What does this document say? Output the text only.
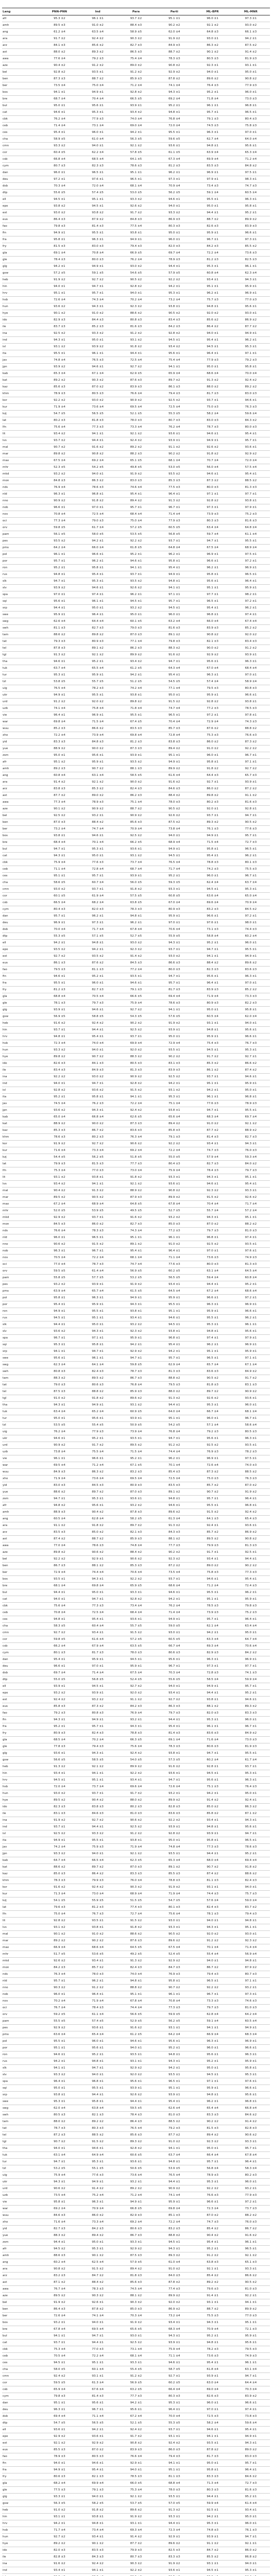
Lang	PNN-PNN	Ind	Para	Parti	ML-BPR	ML-MNR
afr	95.3 ±2	96.1 ±1	93.7 ±2	95.1 ±1	96.0 ±1	97.3 ±1
amh	89.5 ±3	91.0 ±2	88.4 ±3	90.2 ±2	92.1 ±2	93.0 ±2
ang	61.2 ±4	63.5 ±4	58.9 ±5	62.0 ±4	64.8 ±3	66.1 ±3
ara	91.7 ±2	92.4 ±2	90.3 ±2	91.9 ±2	93.0 ±1	94.2 ±1
arz	84.1 ±3	85.6 ±2	82.7 ±3	84.9 ±3	86.3 ±2	87.5 ±2
ast	88.0 ±2	89.3 ±2	86.5 ±3	88.7 ±2	90.1 ±2	91.4 ±2
awa	77.6 ±4	79.2 ±3	75.4 ±4	78.3 ±3	80.5 ±3	81.9 ±3
aze	90.4 ±2	91.2 ±2	89.0 ±2	90.8 ±2	92.3 ±1	93.1 ±1
bel	92.8 ±2	93.5 ±1	91.2 ±2	92.9 ±2	94.0 ±1	95.0 ±1
ben	87.3 ±3	88.7 ±2	85.9 ±3	87.8 ±2	89.6 ±2	90.8 ±2
ber	73.5 ±4	75.0 ±4	71.2 ±4	74.1 ±4	76.4 ±3	77.9 ±3
bos	94.1 ±1	94.9 ±1	92.8 ±2	94.3 ±1	95.2 ±1	96.0 ±1
bre	68.7 ±4	70.4 ±4	66.5 ±5	69.2 ±4	71.8 ±4	73.0 ±3
bul	95.0 ±1	95.6 ±1	93.9 ±1	95.2 ±1	96.1 ±1	96.8 ±1
cat	94.6 ±1	95.3 ±1	93.4 ±2	94.8 ±1	95.7 ±1	96.5 ±1
cbk	76.2 ±4	77.9 ±3	74.0 ±4	76.8 ±4	79.1 ±3	80.4 ±3
ceb	71.4 ±4	73.1 ±4	69.0 ±4	72.0 ±4	74.5 ±3	75.8 ±3
ces	95.4 ±1	96.0 ±1	94.2 ±1	95.5 ±1	96.3 ±1	97.0 ±1
cha	58.9 ±5	61.0 ±4	56.3 ±5	59.6 ±5	62.7 ±4	64.0 ±4
cmn	93.3 ±2	94.0 ±1	92.1 ±2	93.6 ±1	94.8 ±1	95.6 ±1
cor	60.4 ±5	62.2 ±4	57.8 ±5	61.1 ±5	63.9 ±4	65.3 ±4
csb	66.8 ±4	68.5 ±4	64.1 ±5	67.3 ±4	69.9 ±4	71.2 ±4
cym	80.7 ±3	82.3 ±3	78.6 ±3	81.2 ±3	83.5 ±3	84.8 ±2
dan	96.0 ±1	96.5 ±1	95.1 ±1	96.2 ±1	96.9 ±1	97.5 ±1
deu	97.2 ±1	97.6 ±1	96.5 ±1	97.3 ±1	97.9 ±1	98.3 ±1
dsb	70.3 ±4	72.0 ±4	68.1 ±4	70.9 ±4	73.4 ±3	74.7 ±3
dtp	55.6 ±5	57.4 ±5	53.0 ±5	56.2 ±5	59.1 ±4	60.5 ±4
ell	94.5 ±1	95.1 ±1	93.3 ±2	94.6 ±1	95.5 ±1	96.3 ±1
epo	93.8 ±2	94.5 ±1	92.6 ±2	94.0 ±1	95.0 ±1	95.8 ±1
est	93.0 ±2	93.8 ±2	91.7 ±2	93.3 ±2	94.4 ±1	95.2 ±1
eus	86.4 ±3	87.9 ±2	84.8 ±3	86.9 ±3	88.7 ±2	89.9 ±2
fao	79.8 ±3	81.4 ±3	77.5 ±4	80.3 ±3	82.6 ±3	83.9 ±3
fin	94.9 ±1	95.5 ±1	93.8 ±1	95.0 ±1	95.9 ±1	96.6 ±1
fra	95.8 ±1	96.3 ±1	94.9 ±1	96.0 ±1	96.7 ±1	97.3 ±1
fry	81.5 ±3	83.0 ±3	79.4 ±3	82.0 ±3	84.2 ±3	85.5 ±2
gla	69.1 ±4	70.8 ±4	66.9 ±5	69.7 ±4	72.2 ±4	73.6 ±3
gle	78.4 ±3	80.0 ±3	76.2 ±4	78.9 ±3	81.2 ±3	82.5 ±3
glg	94.2 ±1	94.9 ±1	93.0 ±2	94.4 ±1	95.3 ±1	96.1 ±1
gsw	57.2 ±5	59.1 ±5	54.6 ±5	57.9 ±5	60.8 ±4	62.3 ±4
heb	91.9 ±2	92.7 ±2	90.5 ±2	92.2 ±2	93.4 ±1	94.3 ±1
hin	94.0 ±1	94.7 ±1	92.8 ±2	94.2 ±1	95.1 ±1	95.9 ±1
hrv	95.1 ±1	95.7 ±1	94.0 ±1	95.3 ±1	96.2 ±1	96.9 ±1
hsb	72.6 ±4	74.3 ±4	70.2 ±4	73.2 ±4	75.7 ±3	77.0 ±3
hun	93.6 ±2	94.3 ±1	92.3 ±2	93.8 ±1	94.8 ±1	95.6 ±1
hye	90.1 ±2	91.0 ±2	88.6 ±2	90.5 ±2	92.0 ±2	93.0 ±1
ido	82.9 ±3	84.4 ±3	80.8 ±3	83.4 ±3	85.6 ±2	86.9 ±2
ile	83.7 ±3	85.2 ±3	81.6 ±3	84.2 ±3	86.4 ±2	87.7 ±2
ina	92.5 ±2	93.3 ±2	91.2 ±2	92.8 ±2	94.0 ±1	94.9 ±1
ind	94.3 ±1	95.0 ±1	93.1 ±2	94.5 ±1	95.4 ±1	96.2 ±1
isl	93.1 ±2	93.9 ±2	91.8 ±2	93.4 ±2	94.5 ±1	95.3 ±1
ita	95.5 ±1	96.1 ±1	94.4 ±1	95.6 ±1	96.4 ±1	97.1 ±1
jav	74.8 ±4	76.5 ±3	72.5 ±4	75.4 ±4	77.9 ±3	79.2 ±3
jpn	93.9 ±2	94.6 ±1	92.7 ±2	94.1 ±1	95.0 ±1	95.8 ±1
kab	65.3 ±4	67.1 ±4	62.9 ±5	65.9 ±4	68.6 ±4	70.0 ±4
kat	89.2 ±2	90.3 ±2	87.6 ±3	89.7 ±2	91.3 ±2	92.4 ±2
kaz	85.6 ±3	87.0 ±2	83.9 ±3	86.1 ±3	88.0 ±2	89.2 ±2
khm	78.9 ±3	80.5 ±3	76.6 ±4	79.4 ±3	81.7 ±3	83.0 ±3
kor	92.2 ±2	93.0 ±2	90.9 ±2	92.5 ±2	93.7 ±1	94.6 ±1
kur	71.9 ±4	73.6 ±4	69.5 ±4	72.5 ±4	75.0 ±3	76.3 ±3
kzj	54.7 ±5	56.5 ±5	52.1 ±5	55.3 ±5	58.2 ±4	59.6 ±4
lat	80.2 ±3	81.8 ±3	78.0 ±3	80.7 ±3	83.0 ±3	84.3 ±2
lfn	75.6 ±4	77.3 ±3	73.3 ±4	76.2 ±4	78.7 ±3	80.0 ±3
lit	93.4 ±2	94.1 ±1	92.1 ±2	93.6 ±1	94.6 ±1	95.4 ±1
lvs	93.7 ±2	94.4 ±1	92.4 ±2	93.9 ±1	94.9 ±1	95.7 ±1
mal	90.7 ±2	91.6 ±2	89.2 ±2	91.1 ±2	92.6 ±2	93.6 ±1
mar	89.8 ±2	90.8 ±2	88.2 ±3	90.2 ±2	91.8 ±2	92.9 ±2
max	67.5 ±4	69.2 ±4	65.1 ±5	68.1 ±4	70.7 ±4	72.0 ±4
mhr	52.3 ±5	54.2 ±5	49.8 ±5	53.0 ±5	56.0 ±4	57.5 ±4
mkd	93.2 ±2	94.0 ±1	91.9 ±2	93.5 ±2	94.6 ±1	95.4 ±1
mon	84.8 ±3	86.3 ±2	83.0 ±3	85.3 ±3	87.3 ±2	88.5 ±2
nds	76.9 ±4	78.6 ±3	74.6 ±4	77.5 ±3	80.0 ±3	81.3 ±3
nld	96.3 ±1	96.8 ±1	95.4 ±1	96.4 ±1	97.1 ±1	97.7 ±1
nno	90.9 ±2	91.8 ±2	89.4 ±2	91.3 ±2	92.8 ±2	93.8 ±1
nob	96.6 ±1	97.0 ±1	95.7 ±1	96.7 ±1	97.3 ±1	97.9 ±1
nov	70.8 ±4	72.5 ±4	68.4 ±4	71.4 ±4	73.9 ±3	75.2 ±3
oci	77.3 ±4	79.0 ±3	75.0 ±4	77.9 ±3	80.3 ±3	81.6 ±3
orv	59.8 ±5	61.7 ±4	57.2 ±5	60.5 ±5	63.4 ±4	64.8 ±4
pam	56.1 ±5	58.0 ±5	53.5 ±5	56.8 ±5	59.7 ±4	61.1 ±4
pes	93.5 ±2	94.2 ±1	92.2 ±2	93.7 ±1	94.7 ±1	95.5 ±1
pms	64.2 ±4	66.0 ±4	61.8 ±5	64.8 ±4	67.5 ±4	68.9 ±4
pol	96.1 ±1	96.6 ±1	95.2 ±1	96.2 ±1	96.9 ±1	97.5 ±1
por	95.7 ±1	96.2 ±1	94.6 ±1	95.8 ±1	96.6 ±1	97.2 ±1
ron	95.2 ±1	95.8 ±1	94.1 ±1	95.4 ±1	96.2 ±1	96.9 ±1
rus	94.8 ±1	95.4 ±1	93.7 ±1	94.9 ±1	95.8 ±1	96.5 ±1
slk	94.7 ±1	95.3 ±1	93.5 ±2	94.8 ±1	95.6 ±1	96.4 ±1
slv	93.9 ±2	94.6 ±1	92.6 ±2	94.1 ±1	95.1 ±1	95.9 ±1
spa	97.0 ±1	97.4 ±1	96.2 ±1	97.1 ±1	97.7 ±1	98.2 ±1
sqi	95.6 ±1	96.1 ±1	94.5 ±1	95.7 ±1	96.5 ±1	97.2 ±1
srp	94.4 ±1	95.0 ±1	93.2 ±2	94.5 ±1	95.4 ±1	96.2 ±1
swe	95.9 ±1	96.4 ±1	95.0 ±1	96.0 ±1	96.8 ±1	97.4 ±1
swg	62.6 ±4	64.4 ±4	60.1 ±5	63.2 ±4	66.0 ±4	67.4 ±4
swh	81.1 ±3	82.7 ±3	79.0 ±3	81.6 ±3	83.9 ±3	85.2 ±2
tam	88.6 ±2	89.8 ±2	87.0 ±3	89.1 ±2	90.8 ±2	92.0 ±2
tat	79.3 ±3	80.9 ±3	77.1 ±4	79.8 ±3	82.1 ±3	83.4 ±3
tel	87.8 ±3	89.1 ±2	86.2 ±3	88.3 ±2	90.0 ±2	91.2 ±2
tgl	91.3 ±2	92.1 ±2	89.9 ±2	91.6 ±2	92.9 ±2	93.9 ±1
tha	94.6 ±1	95.2 ±1	93.4 ±2	94.7 ±1	95.6 ±1	96.3 ±1
tuk	63.7 ±4	65.5 ±4	61.2 ±5	64.3 ±4	67.0 ±4	68.4 ±4
tur	95.3 ±1	95.9 ±1	94.2 ±1	95.4 ±1	96.3 ±1	97.0 ±1
tzl	53.8 ±5	55.7 ±5	51.2 ±5	54.5 ±5	57.4 ±4	58.9 ±4
uig	76.5 ±4	78.2 ±3	74.2 ±4	77.1 ±4	79.5 ±3	80.8 ±3
ukr	94.9 ±1	95.5 ±1	93.8 ±1	95.0 ±1	95.9 ±1	96.6 ±1
urd	91.2 ±2	92.0 ±2	89.8 ±2	91.5 ±2	92.8 ±2	93.8 ±1
uzb	74.1 ±4	75.8 ±4	71.8 ±4	74.7 ±4	77.2 ±3	78.5 ±3
vie	96.4 ±1	96.9 ±1	95.5 ±1	96.5 ±1	97.2 ±1	97.8 ±1
war	69.8 ±4	71.5 ±4	67.4 ±5	70.4 ±4	72.9 ±4	74.3 ±3
wuu	85.2 ±3	86.6 ±2	83.5 ±3	85.7 ±3	87.6 ±2	88.8 ±2
xho	72.2 ±4	73.9 ±4	69.8 ±4	72.8 ±4	75.3 ±3	76.6 ±3
yid	83.3 ±3	84.8 ±3	81.2 ±3	83.8 ±3	86.0 ±2	87.3 ±2
yue	88.9 ±2	90.0 ±2	87.3 ±3	89.4 ±2	91.0 ±2	92.2 ±2
zsm	95.0 ±1	95.6 ±1	93.9 ±1	95.1 ±1	96.0 ±1	96.7 ±1
afr	95.1 ±2	95.9 ±1	93.5 ±2	94.9 ±1	95.8 ±1	97.1 ±1
amh	89.2 ±3	90.7 ±2	88.1 ±3	89.9 ±2	91.8 ±2	92.7 ±2
ang	60.8 ±4	63.1 ±4	58.5 ±5	61.6 ±4	64.4 ±3	65.7 ±3
ara	91.4 ±2	92.1 ±2	90.0 ±2	91.6 ±2	92.7 ±1	93.9 ±1
arz	83.8 ±3	85.3 ±2	82.4 ±3	84.6 ±3	86.0 ±2	87.2 ±2
ast	87.7 ±2	89.0 ±2	86.2 ±3	88.4 ±2	89.8 ±2	91.1 ±2
awa	77.3 ±4	78.9 ±3	75.1 ±4	78.0 ±3	80.2 ±3	81.6 ±3
aze	90.1 ±2	90.9 ±2	88.7 ±2	90.5 ±2	92.0 ±1	92.8 ±1
bel	92.5 ±2	93.2 ±1	90.9 ±2	92.6 ±2	93.7 ±1	94.7 ±1
ben	87.0 ±3	88.4 ±2	85.6 ±3	87.5 ±2	89.3 ±2	90.5 ±2
ber	73.2 ±4	74.7 ±4	70.9 ±4	73.8 ±4	76.1 ±3	77.6 ±3
bos	93.8 ±1	94.6 ±1	92.5 ±2	94.0 ±1	94.9 ±1	95.7 ±1
bre	68.4 ±4	70.1 ±4	66.2 ±5	68.9 ±4	71.5 ±4	72.7 ±3
bul	94.7 ±1	95.3 ±1	93.6 ±1	94.9 ±1	95.8 ±1	96.5 ±1
cat	94.3 ±1	95.0 ±1	93.1 ±2	94.5 ±1	95.4 ±1	96.2 ±1
cbk	75.9 ±4	77.6 ±3	73.7 ±4	76.5 ±4	78.8 ±3	80.1 ±3
ceb	71.1 ±4	72.8 ±4	68.7 ±4	71.7 ±4	74.2 ±3	75.5 ±3
ces	95.1 ±1	95.7 ±1	93.9 ±1	95.2 ±1	96.0 ±1	96.7 ±1
cha	58.6 ±5	60.7 ±4	56.0 ±5	59.3 ±5	62.4 ±4	63.7 ±4
cmn	93.0 ±2	93.7 ±1	91.8 ±2	93.3 ±1	94.5 ±1	95.3 ±1
cor	60.1 ±5	61.9 ±4	57.5 ±5	60.8 ±5	63.6 ±4	65.0 ±4
csb	66.5 ±4	68.2 ±4	63.8 ±5	67.0 ±4	69.6 ±4	70.9 ±4
cym	80.4 ±3	82.0 ±3	78.3 ±3	80.9 ±3	83.2 ±3	84.5 ±2
dan	95.7 ±1	96.2 ±1	94.8 ±1	95.9 ±1	96.6 ±1	97.2 ±1
deu	96.9 ±1	97.3 ±1	96.2 ±1	97.0 ±1	97.6 ±1	98.0 ±1
dsb	70.0 ±4	71.7 ±4	67.8 ±4	70.6 ±4	73.1 ±3	74.4 ±3
dtp	55.3 ±5	57.1 ±5	52.7 ±5	55.9 ±5	58.8 ±4	60.2 ±4
ell	94.2 ±1	94.8 ±1	93.0 ±2	94.3 ±1	95.2 ±1	96.0 ±1
epo	93.5 ±2	94.2 ±1	92.3 ±2	93.7 ±1	94.7 ±1	95.5 ±1
est	92.7 ±2	93.5 ±2	91.4 ±2	93.0 ±2	94.1 ±1	94.9 ±1
eus	86.1 ±3	87.6 ±2	84.5 ±3	86.6 ±3	88.4 ±2	89.6 ±2
fao	79.5 ±3	81.1 ±3	77.2 ±4	80.0 ±3	82.3 ±3	83.6 ±3
fin	94.6 ±1	95.2 ±1	93.5 ±1	94.7 ±1	95.6 ±1	96.3 ±1
fra	95.5 ±1	96.0 ±1	94.6 ±1	95.7 ±1	96.4 ±1	97.0 ±1
fry	81.2 ±3	82.7 ±3	79.1 ±3	81.7 ±3	83.9 ±3	85.2 ±2
gla	68.8 ±4	70.5 ±4	66.6 ±5	69.4 ±4	71.9 ±4	73.3 ±3
gle	78.1 ±3	79.7 ±3	75.9 ±4	78.6 ±3	80.9 ±3	82.2 ±3
glg	93.9 ±1	94.6 ±1	92.7 ±2	94.1 ±1	95.0 ±1	95.8 ±1
gsw	56.9 ±5	58.8 ±5	54.3 ±5	57.6 ±5	60.5 ±4	62.0 ±4
heb	91.6 ±2	92.4 ±2	90.2 ±2	91.9 ±2	93.1 ±1	94.0 ±1
hin	93.7 ±1	94.4 ±1	92.5 ±2	93.9 ±1	94.8 ±1	95.6 ±1
hrv	94.8 ±1	95.4 ±1	93.7 ±1	95.0 ±1	95.9 ±1	96.6 ±1
hsb	72.3 ±4	74.0 ±4	69.9 ±4	72.9 ±4	75.4 ±3	76.7 ±3
hun	93.3 ±2	94.0 ±1	92.0 ±2	93.5 ±1	94.5 ±1	95.3 ±1
hye	89.8 ±2	90.7 ±2	88.3 ±2	90.2 ±2	91.7 ±2	92.7 ±1
ido	82.6 ±3	84.1 ±3	80.5 ±3	83.1 ±3	85.3 ±2	86.6 ±2
ile	83.4 ±3	84.9 ±3	81.3 ±3	83.9 ±3	86.1 ±2	87.4 ±2
ina	92.2 ±2	93.0 ±2	90.9 ±2	92.5 ±2	93.7 ±1	94.6 ±1
ind	94.0 ±1	94.7 ±1	92.8 ±2	94.2 ±1	95.1 ±1	95.9 ±1
isl	92.8 ±2	93.6 ±2	91.5 ±2	93.1 ±2	94.2 ±1	95.0 ±1
ita	95.2 ±1	95.8 ±1	94.1 ±1	95.3 ±1	96.1 ±1	96.8 ±1
jav	74.5 ±4	76.2 ±3	72.2 ±4	75.1 ±4	77.6 ±3	78.9 ±3
jpn	93.6 ±2	94.3 ±1	92.4 ±2	93.8 ±1	94.7 ±1	95.5 ±1
kab	65.0 ±4	66.8 ±4	62.6 ±5	65.6 ±4	68.3 ±4	69.7 ±4
kat	88.9 ±2	90.0 ±2	87.3 ±3	89.4 ±2	91.0 ±2	92.1 ±2
kaz	85.3 ±3	86.7 ±2	83.6 ±3	85.8 ±3	87.7 ±2	88.9 ±2
khm	78.6 ±3	80.2 ±3	76.3 ±4	79.1 ±3	81.4 ±3	82.7 ±3
kor	91.9 ±2	92.7 ±2	90.6 ±2	92.2 ±2	93.4 ±1	94.3 ±1
kur	71.6 ±4	73.3 ±4	69.2 ±4	72.2 ±4	74.7 ±3	76.0 ±3
kzj	54.4 ±5	56.2 ±5	51.8 ±5	55.0 ±5	57.9 ±4	59.3 ±4
lat	79.9 ±3	81.5 ±3	77.7 ±3	80.4 ±3	82.7 ±3	84.0 ±2
lfn	75.3 ±4	77.0 ±3	73.0 ±4	75.9 ±4	78.4 ±3	79.7 ±3
lit	93.1 ±2	93.8 ±1	91.8 ±2	93.3 ±1	94.3 ±1	95.1 ±1
lvs	93.4 ±2	94.1 ±1	92.1 ±2	93.6 ±1	94.6 ±1	95.4 ±1
mal	90.4 ±2	91.3 ±2	88.9 ±2	90.8 ±2	92.3 ±2	93.3 ±1
mar	89.5 ±2	90.5 ±2	87.9 ±3	89.9 ±2	91.5 ±2	92.6 ±2
max	67.2 ±4	68.9 ±4	64.8 ±5	67.8 ±4	70.4 ±4	71.7 ±4
mhr	52.0 ±5	53.9 ±5	49.5 ±5	52.7 ±5	55.7 ±4	57.2 ±4
mkd	92.9 ±2	93.7 ±1	91.6 ±2	93.2 ±2	94.3 ±1	95.1 ±1
mon	84.5 ±3	86.0 ±2	82.7 ±3	85.0 ±3	87.0 ±2	88.2 ±2
nds	76.6 ±4	78.3 ±3	74.3 ±4	77.2 ±3	79.7 ±3	81.0 ±3
nld	96.0 ±1	96.5 ±1	95.1 ±1	96.1 ±1	96.8 ±1	97.4 ±1
nno	90.6 ±2	91.5 ±2	89.1 ±2	91.0 ±2	92.5 ±2	93.5 ±1
nob	96.3 ±1	96.7 ±1	95.4 ±1	96.4 ±1	97.0 ±1	97.6 ±1
nov	70.5 ±4	72.2 ±4	68.1 ±4	71.1 ±4	73.6 ±3	74.9 ±3
oci	77.0 ±4	78.7 ±3	74.7 ±4	77.6 ±3	80.0 ±3	81.3 ±3
orv	59.5 ±5	61.4 ±4	56.9 ±5	60.2 ±5	63.1 ±4	64.5 ±4
pam	55.8 ±5	57.7 ±5	53.2 ±5	56.5 ±5	59.4 ±4	60.8 ±4
pes	93.2 ±2	93.9 ±1	91.9 ±2	93.4 ±1	94.4 ±1	95.2 ±1
pms	63.9 ±4	65.7 ±4	61.5 ±5	64.5 ±4	67.2 ±4	68.6 ±4
pol	95.8 ±1	96.3 ±1	94.9 ±1	95.9 ±1	96.6 ±1	97.2 ±1
por	95.4 ±1	95.9 ±1	94.3 ±1	95.5 ±1	96.3 ±1	96.9 ±1
ron	94.9 ±1	95.5 ±1	93.8 ±1	95.1 ±1	95.9 ±1	96.6 ±1
rus	94.5 ±1	95.1 ±1	93.4 ±1	94.6 ±1	95.5 ±1	96.2 ±1
slk	94.4 ±1	95.0 ±1	93.2 ±2	94.5 ±1	95.3 ±1	96.1 ±1
slv	93.6 ±2	94.3 ±1	92.3 ±2	93.8 ±1	94.8 ±1	95.6 ±1
spa	96.7 ±1	97.1 ±1	95.9 ±1	96.8 ±1	97.4 ±1	97.9 ±1
sqi	95.3 ±1	95.8 ±1	94.2 ±1	95.4 ±1	96.2 ±1	96.9 ±1
srp	94.1 ±1	94.7 ±1	92.9 ±2	94.2 ±1	95.1 ±1	95.9 ±1
swe	95.6 ±1	96.1 ±1	94.7 ±1	95.7 ±1	96.5 ±1	97.1 ±1
swg	62.3 ±4	64.1 ±4	59.8 ±5	62.9 ±4	65.7 ±4	67.1 ±4
swh	80.8 ±3	82.4 ±3	78.7 ±3	81.3 ±3	83.6 ±3	84.9 ±2
tam	88.3 ±2	89.5 ±2	86.7 ±3	88.8 ±2	90.5 ±2	91.7 ±2
tat	79.0 ±3	80.6 ±3	76.8 ±4	79.5 ±3	81.8 ±3	83.1 ±3
tel	87.5 ±3	88.8 ±2	85.9 ±3	88.0 ±2	89.7 ±2	90.9 ±2
tgl	91.0 ±2	91.8 ±2	89.6 ±2	91.3 ±2	92.6 ±2	93.6 ±1
tha	94.3 ±1	94.9 ±1	93.1 ±2	94.4 ±1	95.3 ±1	96.0 ±1
tuk	63.4 ±4	65.2 ±4	60.9 ±5	64.0 ±4	66.7 ±4	68.1 ±4
tur	95.0 ±1	95.6 ±1	93.9 ±1	95.1 ±1	96.0 ±1	96.7 ±1
tzl	53.5 ±5	55.4 ±5	50.9 ±5	54.2 ±5	57.1 ±4	58.6 ±4
uig	76.2 ±4	77.9 ±3	73.9 ±4	76.8 ±4	79.2 ±3	80.5 ±3
ukr	94.6 ±1	95.2 ±1	93.5 ±1	94.7 ±1	95.6 ±1	96.3 ±1
urd	90.9 ±2	91.7 ±2	89.5 ±2	91.2 ±2	92.5 ±2	93.5 ±1
uzb	73.8 ±4	75.5 ±4	71.5 ±4	74.4 ±4	76.9 ±3	78.2 ±3
vie	96.1 ±1	96.6 ±1	95.2 ±1	96.2 ±1	96.9 ±1	97.5 ±1
war	69.5 ±4	71.2 ±4	67.1 ±5	70.1 ±4	72.6 ±4	74.0 ±3
wuu	84.9 ±3	86.3 ±2	83.2 ±3	85.4 ±3	87.3 ±2	88.5 ±2
xho	71.9 ±4	73.6 ±4	69.5 ±4	72.5 ±4	75.0 ±3	76.3 ±3
yid	83.0 ±3	84.5 ±3	80.9 ±3	83.5 ±3	85.7 ±2	87.0 ±2
yue	88.6 ±2	89.7 ±2	87.0 ±3	89.1 ±2	90.7 ±2	91.9 ±2
zsm	94.7 ±1	95.3 ±1	93.6 ±1	94.8 ±1	95.7 ±1	96.4 ±1
afr	94.8 ±2	95.6 ±1	93.2 ±2	94.6 ±1	95.5 ±1	96.8 ±1
amh	88.9 ±3	90.4 ±2	87.8 ±3	89.6 ±2	91.5 ±2	92.4 ±2
ang	60.5 ±4	62.8 ±4	58.2 ±5	61.3 ±4	64.1 ±3	65.4 ±3
ara	91.1 ±2	91.8 ±2	89.7 ±2	91.3 ±2	92.4 ±1	93.6 ±1
arz	83.5 ±3	85.0 ±2	82.1 ±3	84.3 ±3	85.7 ±2	86.9 ±2
ast	87.4 ±2	88.7 ±2	85.9 ±3	88.1 ±2	89.5 ±2	90.8 ±2
awa	77.0 ±4	78.6 ±3	74.8 ±4	77.7 ±3	79.9 ±3	81.3 ±3
aze	89.8 ±2	90.6 ±2	88.4 ±2	90.2 ±2	91.7 ±1	92.5 ±1
bel	92.2 ±2	92.9 ±1	90.6 ±2	92.3 ±2	93.4 ±1	94.4 ±1
ben	86.7 ±3	88.1 ±2	85.3 ±3	87.2 ±2	89.0 ±2	90.2 ±2
ber	72.9 ±4	74.4 ±4	70.6 ±4	73.5 ±4	75.8 ±3	77.3 ±3
bos	93.5 ±1	94.3 ±1	92.2 ±2	93.7 ±1	94.6 ±1	95.4 ±1
bre	68.1 ±4	69.8 ±4	65.9 ±5	68.6 ±4	71.2 ±4	72.4 ±3
bul	94.4 ±1	95.0 ±1	93.3 ±1	94.6 ±1	95.5 ±1	96.2 ±1
cat	94.0 ±1	94.7 ±1	92.8 ±2	94.2 ±1	95.1 ±1	95.9 ±1
cbk	75.6 ±4	77.3 ±3	73.4 ±4	76.2 ±4	78.5 ±3	79.8 ±3
ceb	70.8 ±4	72.5 ±4	68.4 ±4	71.4 ±4	73.9 ±3	75.2 ±3
ces	94.8 ±1	95.4 ±1	93.6 ±1	94.9 ±1	95.7 ±1	96.4 ±1
cha	58.3 ±5	60.4 ±4	55.7 ±5	59.0 ±5	62.1 ±4	63.4 ±4
cmn	92.7 ±2	93.4 ±1	91.5 ±2	93.0 ±1	94.2 ±1	95.0 ±1
cor	59.8 ±5	61.6 ±4	57.2 ±5	60.5 ±5	63.3 ±4	64.7 ±4
csb	66.2 ±4	67.9 ±4	63.5 ±5	66.7 ±4	69.3 ±4	70.6 ±4
cym	80.1 ±3	81.7 ±3	78.0 ±3	80.6 ±3	82.9 ±3	84.2 ±2
dan	95.4 ±1	95.9 ±1	94.5 ±1	95.6 ±1	96.3 ±1	96.9 ±1
deu	96.6 ±1	97.0 ±1	95.9 ±1	96.7 ±1	97.3 ±1	97.7 ±1
dsb	69.7 ±4	71.4 ±4	67.5 ±4	70.3 ±4	72.8 ±3	74.1 ±3
dtp	55.0 ±5	56.8 ±5	52.4 ±5	55.6 ±5	58.5 ±4	59.9 ±4
ell	93.9 ±1	94.5 ±1	92.7 ±2	94.0 ±1	94.9 ±1	95.7 ±1
epo	93.2 ±2	93.9 ±1	92.0 ±2	93.4 ±1	94.4 ±1	95.2 ±1
est	92.4 ±2	93.2 ±2	91.1 ±2	92.7 ±2	93.8 ±1	94.6 ±1
eus	85.8 ±3	87.3 ±2	84.2 ±3	86.3 ±3	88.1 ±2	89.3 ±2
fao	79.2 ±3	80.8 ±3	76.9 ±4	79.7 ±3	82.0 ±3	83.3 ±3
fin	94.3 ±1	94.9 ±1	93.2 ±1	94.4 ±1	95.3 ±1	96.0 ±1
fra	95.2 ±1	95.7 ±1	94.3 ±1	95.4 ±1	96.1 ±1	96.7 ±1
fry	80.9 ±3	82.4 ±3	78.8 ±3	81.4 ±3	83.6 ±3	84.9 ±2
gla	68.5 ±4	70.2 ±4	66.3 ±5	69.1 ±4	71.6 ±4	73.0 ±3
gle	77.8 ±3	79.4 ±3	75.6 ±4	78.3 ±3	80.6 ±3	81.9 ±3
glg	93.6 ±1	94.3 ±1	92.4 ±2	93.8 ±1	94.7 ±1	95.5 ±1
gsw	56.6 ±5	58.5 ±5	54.0 ±5	57.3 ±5	60.2 ±4	61.7 ±4
heb	91.3 ±2	92.1 ±2	89.9 ±2	91.6 ±2	92.8 ±1	93.7 ±1
hin	93.4 ±1	94.1 ±1	92.2 ±2	93.6 ±1	94.5 ±1	95.3 ±1
hrv	94.5 ±1	95.1 ±1	93.4 ±1	94.7 ±1	95.6 ±1	96.3 ±1
hsb	72.0 ±4	73.7 ±4	69.6 ±4	72.6 ±4	75.1 ±3	76.4 ±3
hun	93.0 ±2	93.7 ±1	91.7 ±2	93.2 ±1	94.2 ±1	95.0 ±1
hye	89.5 ±2	90.4 ±2	88.0 ±2	89.9 ±2	91.4 ±2	92.4 ±1
ido	82.3 ±3	83.8 ±3	80.2 ±3	82.8 ±3	85.0 ±2	86.3 ±2
ile	83.1 ±3	84.6 ±3	81.0 ±3	83.6 ±3	85.8 ±2	87.1 ±2
ina	91.9 ±2	92.7 ±2	90.6 ±2	92.2 ±2	93.4 ±1	94.3 ±1
ind	93.7 ±1	94.4 ±1	92.5 ±2	93.9 ±1	94.8 ±1	95.6 ±1
isl	92.5 ±2	93.3 ±2	91.2 ±2	92.8 ±2	93.9 ±1	94.7 ±1
ita	94.9 ±1	95.5 ±1	93.8 ±1	95.0 ±1	95.8 ±1	96.5 ±1
jav	74.2 ±4	75.9 ±3	71.9 ±4	74.8 ±4	77.3 ±3	78.6 ±3
jpn	93.3 ±2	94.0 ±1	92.1 ±2	93.5 ±1	94.4 ±1	95.2 ±1
kab	64.7 ±4	66.5 ±4	62.3 ±5	65.3 ±4	68.0 ±4	69.4 ±4
kat	88.6 ±2	89.7 ±2	87.0 ±3	89.1 ±2	90.7 ±2	91.8 ±2
kaz	85.0 ±3	86.4 ±2	83.3 ±3	85.5 ±3	87.4 ±2	88.6 ±2
khm	78.3 ±3	79.9 ±3	76.0 ±4	78.8 ±3	81.1 ±3	82.4 ±3
kor	91.6 ±2	92.4 ±2	90.3 ±2	91.9 ±2	93.1 ±1	94.0 ±1
kur	71.3 ±4	73.0 ±4	68.9 ±4	71.9 ±4	74.4 ±3	75.7 ±3
kzj	54.1 ±5	55.9 ±5	51.5 ±5	54.7 ±5	57.6 ±4	59.0 ±4
lat	79.6 ±3	81.2 ±3	77.4 ±3	80.1 ±3	82.4 ±3	83.7 ±2
lfn	75.0 ±4	76.7 ±3	72.7 ±4	75.6 ±4	78.1 ±3	79.4 ±3
lit	92.8 ±2	93.5 ±1	91.5 ±2	93.0 ±1	94.0 ±1	94.8 ±1
lvs	93.1 ±2	93.8 ±1	91.8 ±2	93.3 ±1	94.3 ±1	95.1 ±1
mal	90.1 ±2	91.0 ±2	88.6 ±2	90.5 ±2	92.0 ±2	93.0 ±1
mar	89.2 ±2	90.2 ±2	87.6 ±3	89.6 ±2	91.2 ±2	92.3 ±2
max	66.9 ±4	68.6 ±4	64.5 ±5	67.5 ±4	70.1 ±4	71.4 ±4
mhr	51.7 ±5	53.6 ±5	49.2 ±5	52.4 ±5	55.4 ±4	56.9 ±4
mkd	92.6 ±2	93.4 ±1	91.3 ±2	92.9 ±2	94.0 ±1	94.8 ±1
mon	84.2 ±3	85.7 ±2	82.4 ±3	84.7 ±3	86.7 ±2	87.9 ±2
nds	76.3 ±4	78.0 ±3	74.0 ±4	76.9 ±3	79.4 ±3	80.7 ±3
nld	95.7 ±1	96.2 ±1	94.8 ±1	95.8 ±1	96.5 ±1	97.1 ±1
nno	90.3 ±2	91.2 ±2	88.8 ±2	90.7 ±2	92.2 ±2	93.2 ±1
nob	96.0 ±1	96.4 ±1	95.1 ±1	96.1 ±1	96.7 ±1	97.3 ±1
nov	70.2 ±4	71.9 ±4	67.8 ±4	70.8 ±4	73.3 ±3	74.6 ±3
oci	76.7 ±4	78.4 ±3	74.4 ±4	77.3 ±3	79.7 ±3	81.0 ±3
orv	59.2 ±5	61.1 ±4	56.6 ±5	59.9 ±5	62.8 ±4	64.2 ±4
pam	55.5 ±5	57.4 ±5	52.9 ±5	56.2 ±5	59.1 ±4	60.5 ±4
pes	92.9 ±2	93.6 ±1	91.6 ±2	93.1 ±1	94.1 ±1	94.9 ±1
pms	63.6 ±4	65.4 ±4	61.2 ±5	64.2 ±4	66.9 ±4	68.3 ±4
pol	95.5 ±1	96.0 ±1	94.6 ±1	95.6 ±1	96.3 ±1	96.9 ±1
por	95.1 ±1	95.6 ±1	94.0 ±1	95.2 ±1	96.0 ±1	96.6 ±1
ron	94.6 ±1	95.2 ±1	93.5 ±1	94.8 ±1	95.6 ±1	96.3 ±1
rus	94.2 ±1	94.8 ±1	93.1 ±1	94.3 ±1	95.2 ±1	95.9 ±1
slk	94.1 ±1	94.7 ±1	92.9 ±2	94.2 ±1	95.0 ±1	95.8 ±1
slv	93.3 ±2	94.0 ±1	92.0 ±2	93.5 ±1	94.5 ±1	95.3 ±1
spa	96.4 ±1	96.8 ±1	95.6 ±1	96.5 ±1	97.1 ±1	97.6 ±1
sqi	95.0 ±1	95.5 ±1	93.9 ±1	95.1 ±1	95.9 ±1	96.6 ±1
srp	93.8 ±1	94.4 ±1	92.6 ±2	93.9 ±1	94.8 ±1	95.6 ±1
swe	95.3 ±1	95.8 ±1	94.4 ±1	95.4 ±1	96.2 ±1	96.8 ±1
swg	62.0 ±4	63.8 ±4	59.5 ±5	62.6 ±4	65.4 ±4	66.8 ±4
swh	80.5 ±3	82.1 ±3	78.4 ±3	81.0 ±3	83.3 ±3	84.6 ±2
tam	88.0 ±2	89.2 ±2	86.4 ±3	88.5 ±2	90.2 ±2	91.4 ±2
tat	78.7 ±3	80.3 ±3	76.5 ±4	79.2 ±3	81.5 ±3	82.8 ±3
tel	87.2 ±3	88.5 ±2	85.6 ±3	87.7 ±2	89.4 ±2	90.6 ±2
tgl	90.7 ±2	91.5 ±2	89.3 ±2	91.0 ±2	92.3 ±2	93.3 ±1
tha	94.0 ±1	94.6 ±1	92.8 ±2	94.1 ±1	95.0 ±1	95.7 ±1
tuk	63.1 ±4	64.9 ±4	60.6 ±5	63.7 ±4	66.4 ±4	67.8 ±4
tur	94.7 ±1	95.3 ±1	93.6 ±1	94.8 ±1	95.7 ±1	96.4 ±1
tzl	53.2 ±5	55.1 ±5	50.6 ±5	53.9 ±5	56.8 ±4	58.3 ±4
uig	75.9 ±4	77.6 ±3	73.6 ±4	76.5 ±4	78.9 ±3	80.2 ±3
ukr	94.3 ±1	94.9 ±1	93.2 ±1	94.4 ±1	95.3 ±1	96.0 ±1
urd	90.6 ±2	91.4 ±2	89.2 ±2	90.9 ±2	92.2 ±2	93.2 ±1
uzb	73.5 ±4	75.2 ±4	71.2 ±4	74.1 ±4	76.6 ±3	77.9 ±3
vie	95.8 ±1	96.3 ±1	94.9 ±1	95.9 ±1	96.6 ±1	97.2 ±1
war	69.2 ±4	70.9 ±4	66.8 ±5	69.8 ±4	72.3 ±4	73.7 ±3
wuu	84.6 ±3	86.0 ±2	82.9 ±3	85.1 ±3	87.0 ±2	88.2 ±2
xho	71.6 ±4	73.3 ±4	69.2 ±4	72.2 ±4	74.7 ±3	76.0 ±3
yid	82.7 ±3	84.2 ±3	80.6 ±3	83.2 ±3	85.4 ±2	86.7 ±2
yue	88.3 ±2	89.4 ±2	86.7 ±3	88.8 ±2	90.4 ±2	91.6 ±2
zsm	94.4 ±1	95.0 ±1	93.3 ±1	94.5 ±1	95.4 ±1	96.1 ±1
afr	94.5 ±2	95.3 ±1	92.9 ±2	94.3 ±1	95.2 ±1	96.5 ±1
amh	88.6 ±3	90.1 ±2	87.5 ±3	89.3 ±2	91.2 ±2	92.1 ±2
ang	60.2 ±4	62.5 ±4	57.9 ±5	61.0 ±4	63.8 ±3	65.1 ±3
ara	90.8 ±2	91.5 ±2	89.4 ±2	91.0 ±2	92.1 ±1	93.3 ±1
arz	83.2 ±3	84.7 ±2	81.8 ±3	84.0 ±3	85.4 ±2	86.6 ±2
ast	87.1 ±2	88.4 ±2	85.6 ±3	87.8 ±2	89.2 ±2	90.5 ±2
awa	76.7 ±4	78.3 ±3	74.5 ±4	77.4 ±3	79.6 ±3	81.0 ±3
aze	89.5 ±2	90.3 ±2	88.1 ±2	89.9 ±2	91.4 ±1	92.2 ±1
bel	91.9 ±2	92.6 ±1	90.3 ±2	92.0 ±2	93.1 ±1	94.1 ±1
ben	86.4 ±3	87.8 ±2	85.0 ±3	86.9 ±2	88.7 ±2	89.9 ±2
ber	72.6 ±4	74.1 ±4	70.3 ±4	73.2 ±4	75.5 ±3	77.0 ±3
bos	93.2 ±1	94.0 ±1	91.9 ±2	93.4 ±1	94.3 ±1	95.1 ±1
bre	67.8 ±4	69.5 ±4	65.6 ±5	68.3 ±4	70.9 ±4	72.1 ±3
bul	94.1 ±1	94.7 ±1	93.0 ±1	94.3 ±1	95.2 ±1	95.9 ±1
cat	93.7 ±1	94.4 ±1	92.5 ±2	93.9 ±1	94.8 ±1	95.6 ±1
cbk	75.3 ±4	77.0 ±3	73.1 ±4	75.9 ±4	78.2 ±3	79.5 ±3
ceb	70.5 ±4	72.2 ±4	68.1 ±4	71.1 ±4	73.6 ±3	74.9 ±3
ces	94.5 ±1	95.1 ±1	93.3 ±1	94.6 ±1	95.4 ±1	96.1 ±1
cha	58.0 ±5	60.1 ±4	55.4 ±5	58.7 ±5	61.8 ±4	63.1 ±4
cmn	92.4 ±2	93.1 ±1	91.2 ±2	92.7 ±1	93.9 ±1	94.7 ±1
cor	59.5 ±5	61.3 ±4	56.9 ±5	60.2 ±5	63.0 ±4	64.4 ±4
csb	65.9 ±4	67.6 ±4	63.2 ±5	66.4 ±4	69.0 ±4	70.3 ±4
cym	79.8 ±3	81.4 ±3	77.7 ±3	80.3 ±3	82.6 ±3	83.9 ±2
dan	95.1 ±1	95.6 ±1	94.2 ±1	95.3 ±1	96.0 ±1	96.6 ±1
deu	96.3 ±1	96.7 ±1	95.6 ±1	96.4 ±1	97.0 ±1	97.4 ±1
dsb	69.4 ±4	71.1 ±4	67.2 ±4	70.0 ±4	72.5 ±3	73.8 ±3
dtp	54.7 ±5	56.5 ±5	52.1 ±5	55.3 ±5	58.2 ±4	59.6 ±4
ell	93.6 ±1	94.2 ±1	92.4 ±2	93.7 ±1	94.6 ±1	95.4 ±1
epo	92.9 ±2	93.6 ±1	91.7 ±2	93.1 ±1	94.1 ±1	94.9 ±1
est	92.1 ±2	92.9 ±2	90.8 ±2	92.4 ±2	93.5 ±1	94.3 ±1
eus	85.5 ±3	87.0 ±2	83.9 ±3	86.0 ±3	87.8 ±2	89.0 ±2
fao	78.9 ±3	80.5 ±3	76.6 ±4	79.4 ±3	81.7 ±3	83.0 ±3
fin	94.0 ±1	94.6 ±1	92.9 ±1	94.1 ±1	95.0 ±1	95.7 ±1
fra	94.9 ±1	95.4 ±1	94.0 ±1	95.1 ±1	95.8 ±1	96.4 ±1
fry	80.6 ±3	82.1 ±3	78.5 ±3	81.1 ±3	83.3 ±3	84.6 ±2
gla	68.2 ±4	69.9 ±4	66.0 ±5	68.8 ±4	71.3 ±4	72.7 ±3
gle	77.5 ±3	79.1 ±3	75.3 ±4	78.0 ±3	80.3 ±3	81.6 ±3
glg	93.3 ±1	94.0 ±1	92.1 ±2	93.5 ±1	94.4 ±1	95.2 ±1
gsw	56.3 ±5	58.2 ±5	53.7 ±5	57.0 ±5	59.9 ±4	61.4 ±4
heb	91.0 ±2	91.8 ±2	89.6 ±2	91.3 ±2	92.5 ±1	93.4 ±1
hin	93.1 ±1	93.8 ±1	91.9 ±2	93.3 ±1	94.2 ±1	95.0 ±1
hrv	94.2 ±1	94.8 ±1	93.1 ±1	94.4 ±1	95.3 ±1	96.0 ±1
hsb	71.7 ±4	73.4 ±4	69.3 ±4	72.3 ±4	74.8 ±3	76.1 ±3
hun	92.7 ±2	93.4 ±1	91.4 ±2	92.9 ±1	93.9 ±1	94.7 ±1
hye	89.2 ±2	90.1 ±2	87.7 ±2	89.6 ±2	91.1 ±2	92.1 ±1
ido	82.0 ±3	83.5 ±3	79.9 ±3	82.5 ±3	84.7 ±2	86.0 ±2
ile	82.8 ±3	84.3 ±3	80.7 ±3	83.3 ±3	85.5 ±2	86.8 ±2
ina	91.6 ±2	92.4 ±2	90.3 ±2	91.9 ±2	93.1 ±1	94.0 ±1
ind	93.4 ±1	94.1 ±1	92.2 ±2	93.6 ±1	94.5 ±1	95.3 ±1
